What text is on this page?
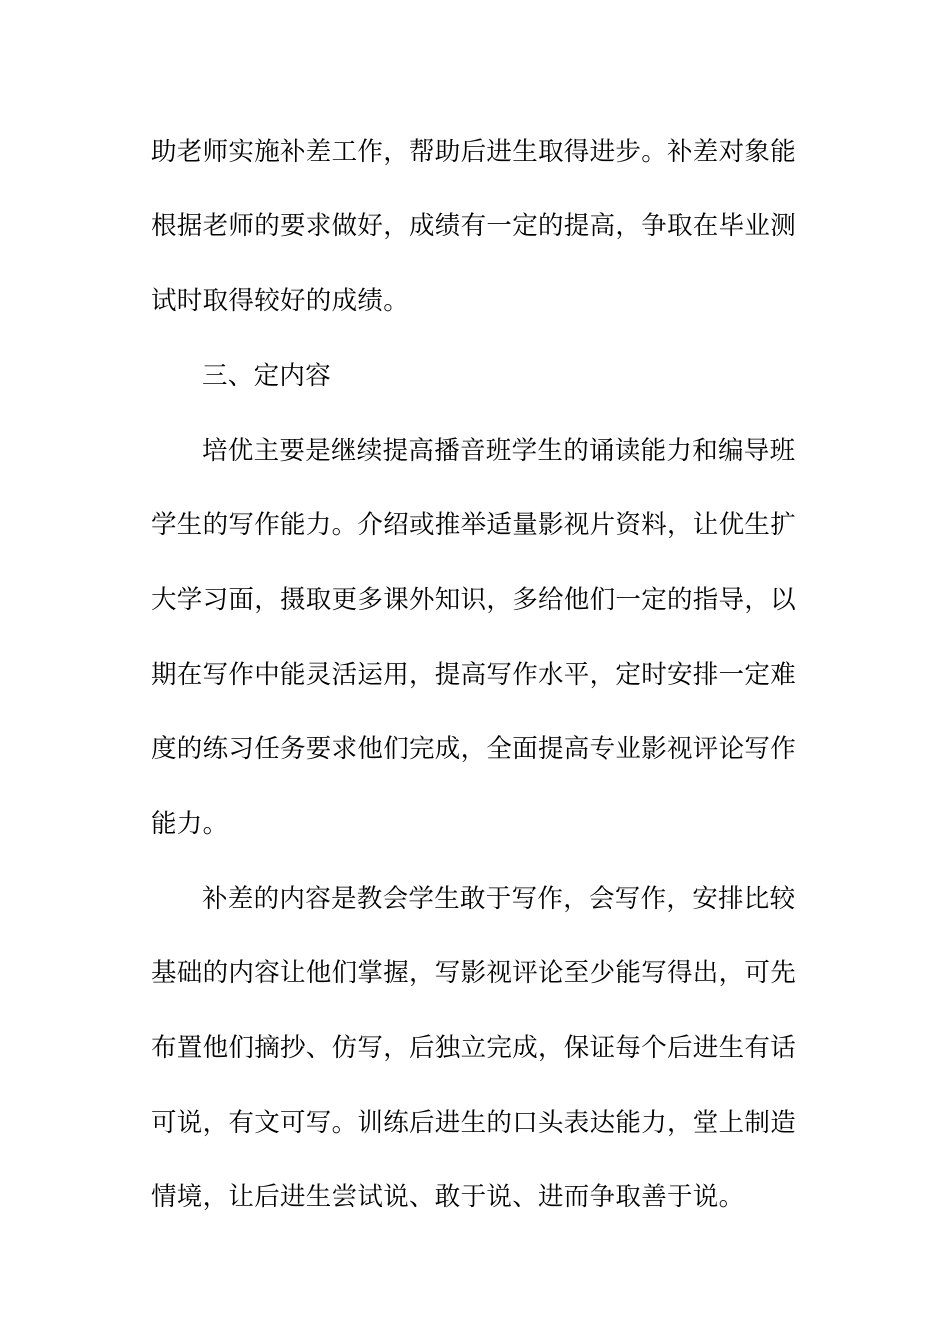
助老师实施补差工作，帮助后进生取得进步。补差对象能
根据老师的要求做好，成绩有一定的提高，争取在毕业测
试时取得较好的成绩。
三、定内容
培优主要是继续提高播音班学生的诵读能力和编导班
学生的写作能力。介绍或推举适量影视片资料，让优生扩
大学习面，摄取更多课外知识，多给他们一定的指导，以
期在写作中能灵活运用，提高写作水平，定时安排一定难
度的练习任务要求他们完成，全面提高专业影视评论写作
能力。
补差的内容是教会学生敢于写作，会写作，安排比较
基础的内容让他们掌握，写影视评论至少能写得出，可先
布置他们摘抄、仿写，后独立完成，保证每个后进生有话
可说，有文可写。训练后进生的口头表达能力，堂上制造
情境，让后进生尝试说、敢于说、进而争取善于说。
